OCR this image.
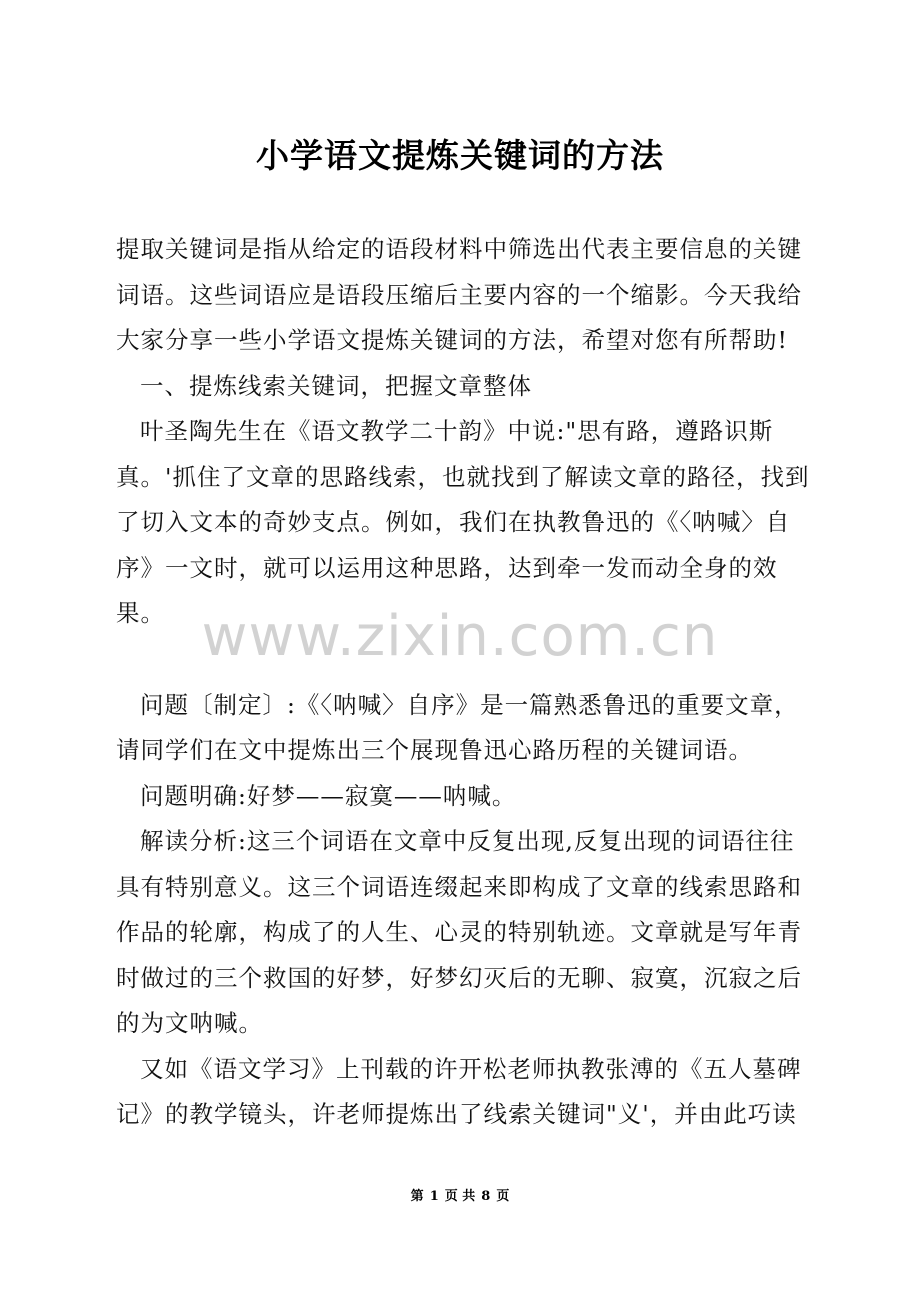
小学语文提炼关键词的方法

提取关键词是指从给定的语段材料中筛选出代表主要信息的关键词语。这些词语应是语段压缩后主要内容的一个缩影。今天我给大家分享一些小学语文提炼关键词的方法，希望对您有所帮助!

一、提炼线索关键词，把握文章整体

叶圣陶先生在《语文教学二十韵》中说:"思有路，遵路识斯真。'抓住了文章的思路线索，也就找到了解读文章的路径，找到了切入文本的奇妙支点。例如，我们在执教鲁迅的《〈呐喊〉自序》一文时，就可以运用这种思路，达到牵一发而动全身的效果。

问题〔制定〕:《〈呐喊〉自序》是一篇熟悉鲁迅的重要文章，请同学们在文中提炼出三个展现鲁迅心路历程的关键词语。

问题明确:好梦——寂寞——呐喊。

解读分析:这三个词语在文章中反复出现,反复出现的词语往往具有特别意义。这三个词语连缀起来即构成了文章的线索思路和作品的轮廓，构成了的人生、心灵的特别轨迹。文章就是写年青时做过的三个救国的好梦，好梦幻灭后的无聊、寂寞，沉寂之后的为文呐喊。

又如《语文学习》上刊载的许开松老师执教张溥的《五人墓碑记》的教学镜头，许老师提炼出了线索关键词"义'，并由此巧读

www.zixin.com.cn
第 1 页 共 8 页
